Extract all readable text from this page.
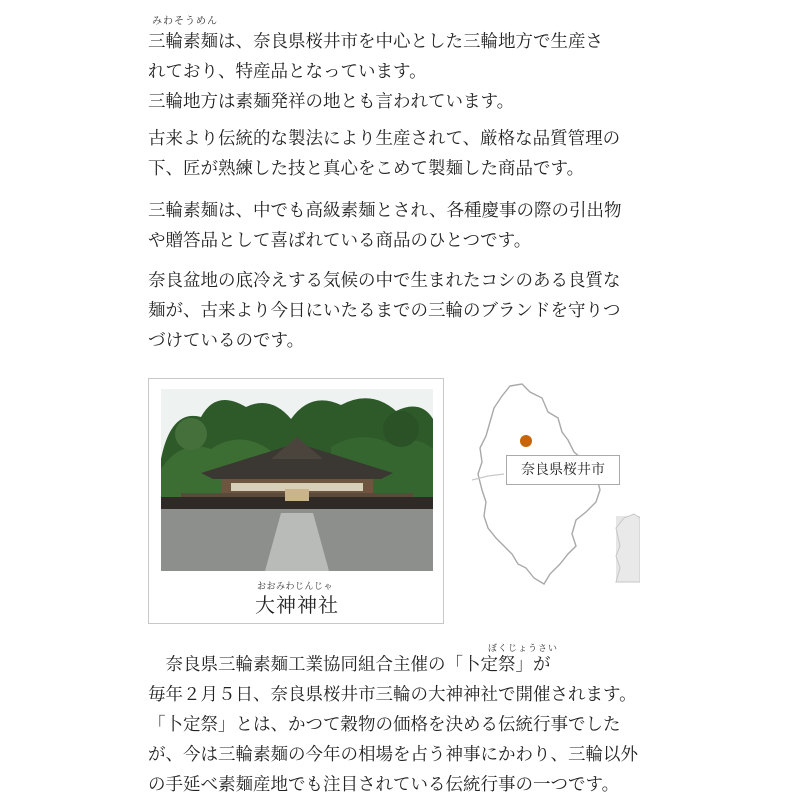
みわそうめん
三輪素麺は、奈良県桜井市を中心とした三輪地方で生産さ
れており、特産品となっています。
三輪地方は素麺発祥の地とも言われています。
古来より伝統的な製法により生産されて、厳格な品質管理の
下、匠が熟練した技と真心をこめて製麺した商品です。
三輪素麺は、中でも高級素麺とされ、各種慶事の際の引出物
や贈答品として喜ばれている商品のひとつです。
奈良盆地の底冷えする気候の中で生まれたコシのある良質な
麺が、古来より今日にいたるまでの三輪のブランドを守りつ
づけているのです。
おおみわじんじゃ
大神神社
奈良県桜井市
ぼくじょうさい
　奈良県三輪素麺工業協同組合主催の「卜定祭」が
毎年２月５日、奈良県桜井市三輪の大神神社で開催されます。
「卜定祭」とは、かつて穀物の価格を決める伝統行事でした
が、今は三輪素麺の今年の相場を占う神事にかわり、三輪以外
の手延べ素麺産地でも注目されている伝統行事の一つです。
